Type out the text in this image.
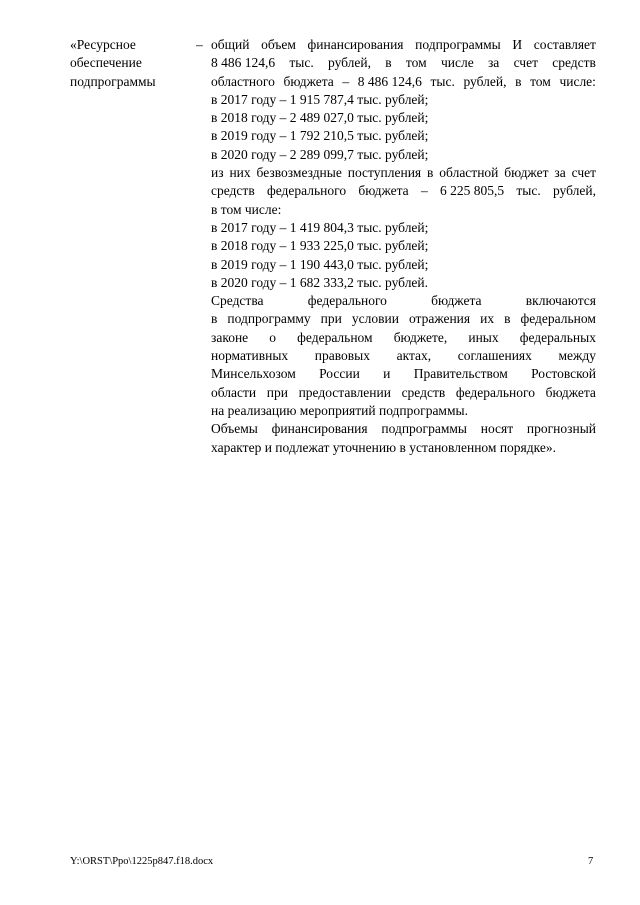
«Ресурсное
обеспечение
подпрограммы
– общий объем финансирования подпрограммы И составляет
8 486 124,6 тыс. рублей, в том числе за счет средств
областного бюджета – 8 486 124,6 тыс. рублей, в том числе:
в 2017 году – 1 915 787,4 тыс. рублей;
в 2018 году – 2 489 027,0 тыс. рублей;
в 2019 году – 1 792 210,5 тыс. рублей;
в 2020 году – 2 289 099,7 тыс. рублей;
из них безвозмездные поступления в областной бюджет за счет
средств федерального бюджета – 6 225 805,5 тыс. рублей,
в том числе:
в 2017 году – 1 419 804,3 тыс. рублей;
в 2018 году – 1 933 225,0 тыс. рублей;
в 2019 году – 1 190 443,0 тыс. рублей;
в 2020 году – 1 682 333,2 тыс. рублей.
Средства	федерального	бюджета	включаются
в подпрограмму при условии отражения их в федеральном
законе о федеральном бюджете, иных федеральных
нормативных правовых актах, соглашениях между
Минсельхозом России и Правительством Ростовской
области при предоставлении средств федерального бюджета
на реализацию мероприятий подпрограммы.
Объемы финансирования подпрограммы носят прогнозный
характер и подлежат уточнению в установленном порядке».
Y:\ORST\Ppo\1225p847.f18.docx	7
